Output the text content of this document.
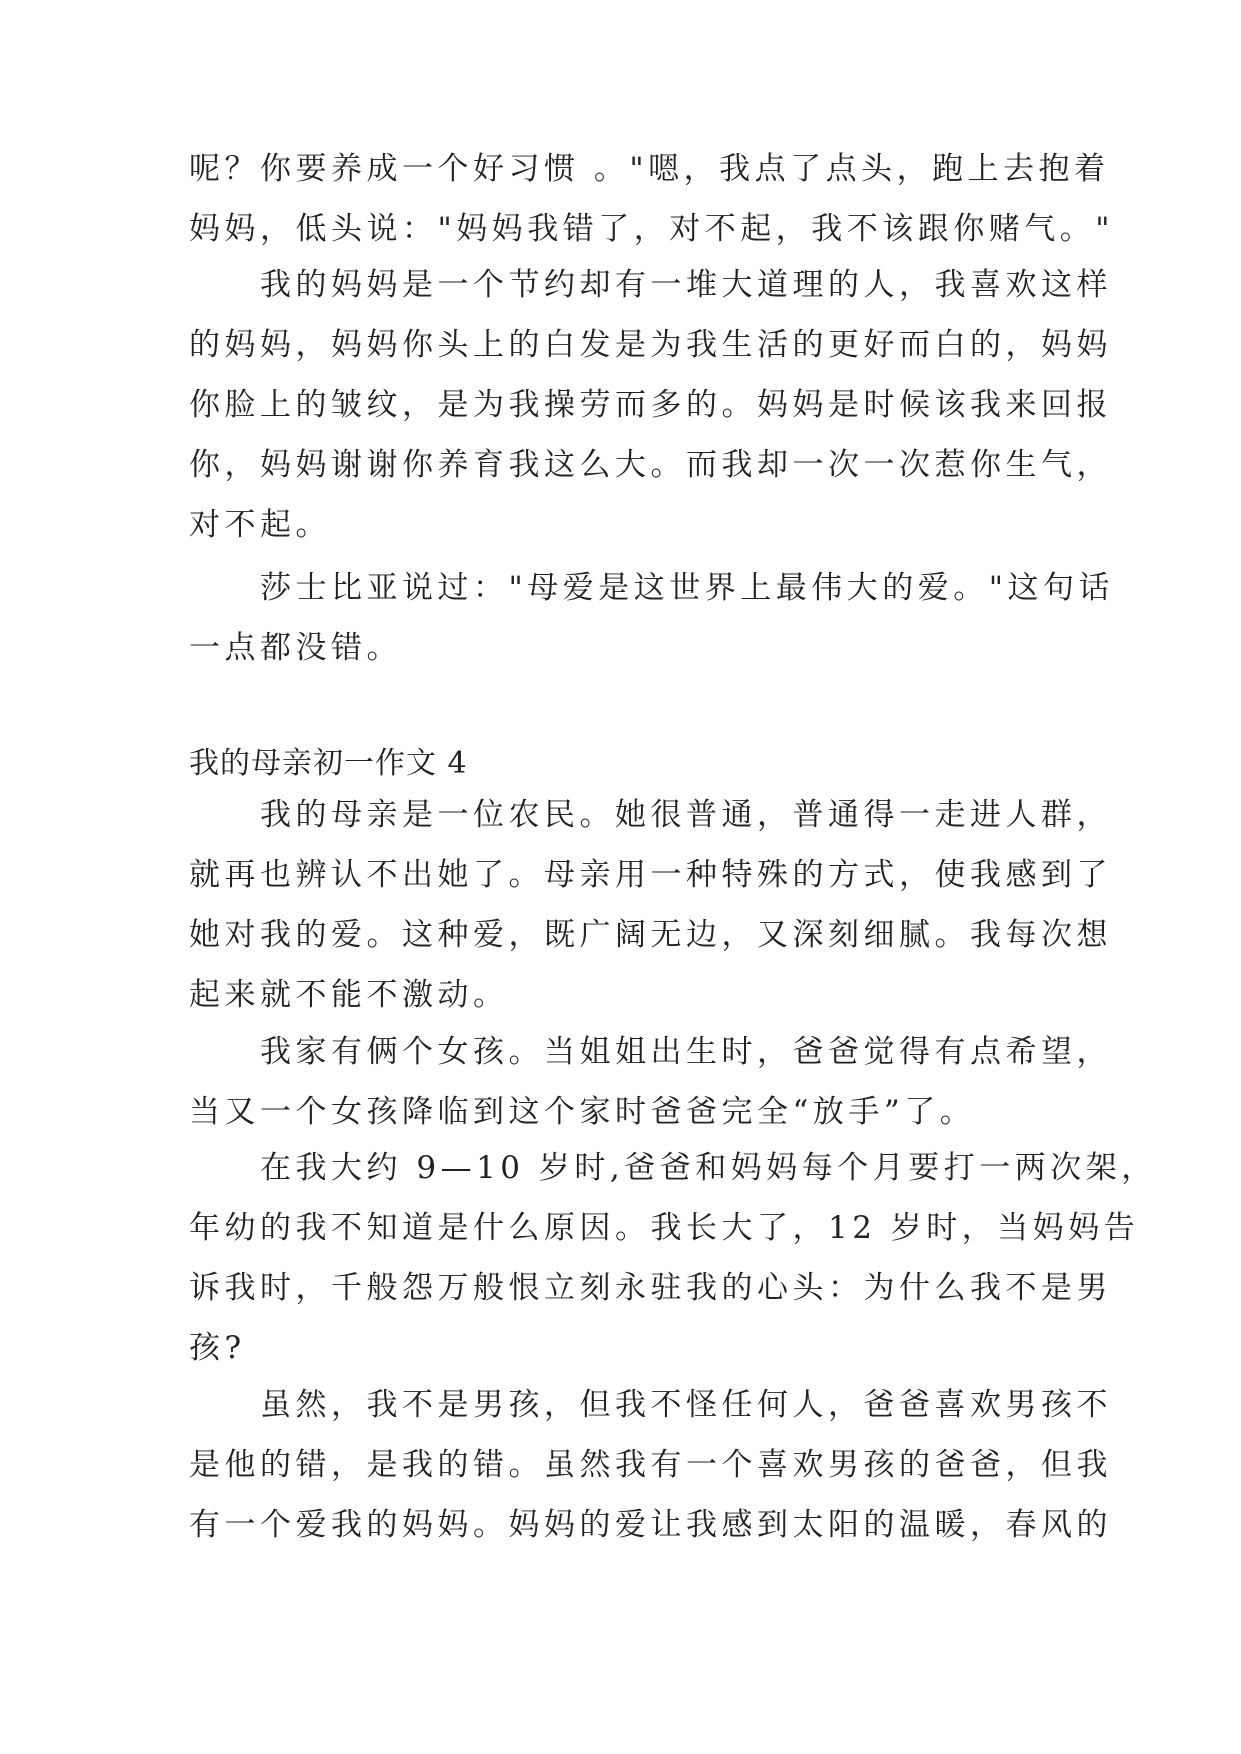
呢？你要养成一个好习惯 。"嗯，我点了点头，跑上去抱着
妈妈，低头说："妈妈我错了，对不起，我不该跟你赌气。"
　　我的妈妈是一个节约却有一堆大道理的人，我喜欢这样
的妈妈，妈妈你头上的白发是为我生活的更好而白的，妈妈
你脸上的皱纹，是为我操劳而多的。妈妈是时候该我来回报
你，妈妈谢谢你养育我这么大。而我却一次一次惹你生气，
对不起。
　　莎士比亚说过："母爱是这世界上最伟大的爱。"这句话
一点都没错。
我的母亲初一作文 4
　　我的母亲是一位农民。她很普通，普通得一走进人群，
就再也辨认不出她了。母亲用一种特殊的方式，使我感到了
她对我的爱。这种爱，既广阔无边，又深刻细腻。我每次想
起来就不能不激动。
　　我家有俩个女孩。当姐姐出生时，爸爸觉得有点希望，
当又一个女孩降临到这个家时爸爸完全“放手”了。
　　在我大约 9—10 岁时,爸爸和妈妈每个月要打一两次架，
年幼的我不知道是什么原因。我长大了，12 岁时，当妈妈告
诉我时，千般怨万般恨立刻永驻我的心头：为什么我不是男
孩?
　　虽然，我不是男孩，但我不怪任何人，爸爸喜欢男孩不
是他的错，是我的错。虽然我有一个喜欢男孩的爸爸，但我
有一个爱我的妈妈。妈妈的爱让我感到太阳的温暖，春风的
